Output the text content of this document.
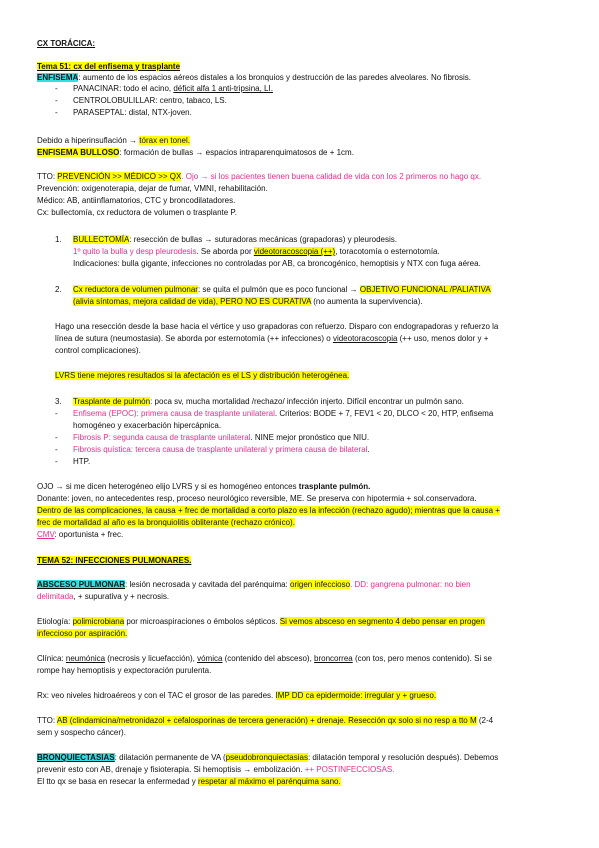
CX TORÁCICA:
Tema 51: cx del enfisema y trasplante
ENFISEMA: aumento de los espacios aéreos distales a los bronquios y destrucción de las paredes alveolares. No fibrosis.
- PANACINAR: todo el acino, déficit alfa 1 anti-tripsina, LI.
- CENTROLOBULILLAR: centro, tabaco, LS.
- PARASEPTAL: distal, NTX-joven.
Debido a hiperinsuflación → tórax en tonel.
ENFISEMA BULLOSO: formación de bullas → espacios intraparenquimatosos de + 1cm.
TTO: PREVENCIÓN >> MÉDICO >> QX. Ojo → si los pacientes tienen buena calidad de vida con los 2 primeros no hago qx.
Prevención: oxigenoterapia, dejar de fumar, VMNI, rehabilitación.
Médico: AB, antiinflamatorios, CTC y broncodilatadores.
Cx: bullectomía, cx reductora de volumen o trasplante P.
1. BULLECTOMÍA: resección de bullas → suturadoras mecánicas (grapadoras) y pleurodesis.
1º quito la bulla y desp pleurodesis. Se aborda por videotoracoscopia (++), toracotomía o esternotomía.
Indicaciones: bulla gigante, infecciones no controladas por AB, ca broncogénico, hemoptisis y NTX con fuga aérea.
2. Cx reductora de volumen pulmonar: se quita el pulmón que es poco funcional → OBJETIVO FUNCIONAL /PALIATIVA
(alivia síntomas, mejora calidad de vida), PERO NO ES CURATIVA (no aumenta la supervivencia).
Hago una resección desde la base hacia el vértice y uso grapadoras con refuerzo. Disparo con endograpadoras y refuerzo la
línea de sutura (neumostasia). Se aborda por esternotomía (++ infecciones) o videotoracoscopia (++ uso, menos dolor y +
control complicaciones).
LVRS tiene mejores resultados si la afectación es el LS y distribución heterogénea.
3. Trasplante de pulmón: poca sv, mucha mortalidad /rechazo/ infección injerto. Difícil encontrar un pulmón sano.
- Enfisema (EPOC): primera causa de trasplante unilateral. Criterios: BODE + 7, FEV1 < 20, DLCO < 20, HTP, enfisema
homogéneo y exacerbación hipercápnica.
- Fibrosis P: segunda causa de trasplante unilateral. NINE mejor pronóstico que NIU.
- Fibrosis quística: tercera causa de trasplante unilateral y primera causa de bilateral.
- HTP.
OJO → si me dicen heterogéneo elijo LVRS y si es homogéneo entonces trasplante pulmón.
Donante: joven, no antecedentes resp, proceso neurológico reversible, ME. Se preserva con hipotermia + sol.conservadora.
Dentro de las complicaciones, la causa + frec de mortalidad a corto plazo es la infección (rechazo agudo); mientras que la causa +
frec de mortalidad al año es la bronquiolitis obliterante (rechazo crónico).
CMV: oportunista + frec.
TEMA 52: INFECCIONES PULMONARES.
ABSCESO PULMONAR: lesión necrosada y cavitada del parénquima: origen infeccioso. DD: gangrena pulmonar: no bien
delimitada, + supurativa y + necrosis.
Etiología: polimicrobiana por microaspiraciones o émbolos sépticos. Si vemos absceso en segmento 4 debo pensar en progen
infeccioso por aspiración.
Clínica: neumónica (necrosis y licuefacción), vómica (contenido del absceso), broncorrea (con tos, pero menos contenido). Si se
rompe hay hemoptisis y expectoración purulenta.
Rx: veo niveles hidroaéreos y con el TAC el grosor de las paredes. IMP DD ca epidermoide: irregular y + grueso.
TTO: AB (clindamicina/metronidazol + cefalosporinas de tercera generación) + drenaje. Resección qx solo si no resp a tto M (2-4
sem y sospecho cáncer).
BRONQUIECTASIAS: dilatación permanente de VA (pseudobronquiectasias: dilatación temporal y resolución después). Debemos
prevenir esto con AB, drenaje y fisioterapia. Si hemoptisis → embolización. ++ POSTINFECCIOSAS.
El tto qx se basa en resecar la enfermedad y respetar al máximo el parénquima sano.
